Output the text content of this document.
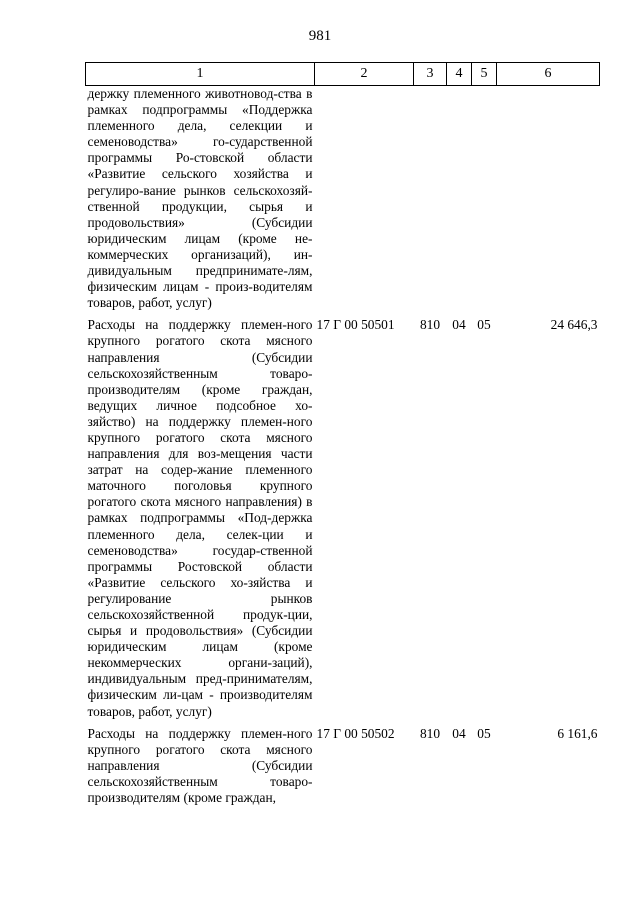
981
1	2	3	4	5	6
держку племенного животновод-ства в рамках подпрограммы «Поддержка племенного дела, селекции и семеноводства» го-сударственной программы Ро-стовской области «Развитие сельского хозяйства и регулиро-вание рынков сельскохозяй-ственной продукции, сырья и продовольствия» (Субсидии юридическим лицам (кроме не-коммерческих организаций), ин-дивидуальным предпринимате-лям, физическим лицам - произ-водителям товаров, работ, услуг)					
Расходы на поддержку племен-ного крупного рогатого скота мясного направления (Субсидии сельскохозяйственным товаро-производителям (кроме граждан, ведущих личное подсобное хо-зяйство) на поддержку племен-ного крупного рогатого скота мясного направления для воз-мещения части затрат на содер-жание племенного маточного поголовья крупного рогатого скота мясного направления) в рамках подпрограммы «Под-держка племенного дела, селек-ции и семеноводства» государ-ственной программы Ростовской области «Развитие сельского хо-зяйства и регулирование рынков сельскохозяйственной продук-ции, сырья и продовольствия» (Субсидии юридическим лицам (кроме некоммерческих органи-заций), индивидуальным пред-принимателям, физическим ли-цам - производителям товаров, работ, услуг)	17 Г 00 50501	810	04	05	24 646,3
Расходы на поддержку племен-ного крупного рогатого скота мясного направления (Субсидии сельскохозяйственным товаро-производителям (кроме граждан,	17 Г 00 50502	810	04	05	6 161,6
